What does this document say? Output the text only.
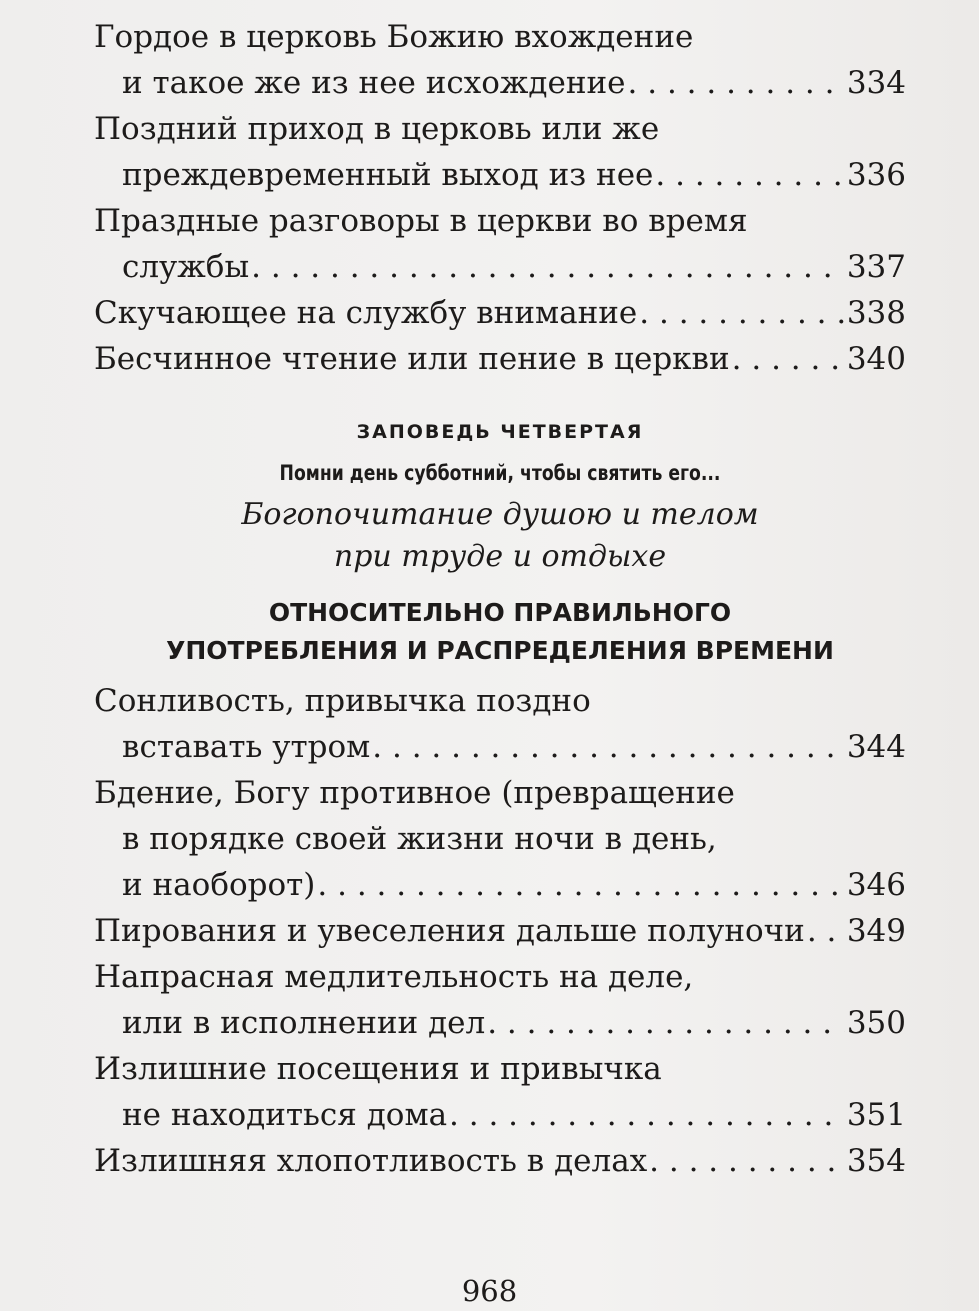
Гордое в церковь Божию вхождение
и такое же из нее исхождение . . .	334
Поздний приход в церковь или же
преждевременный выход из нее . . .	336
Праздные разговоры в церкви во время
службы . . .	337
Скучающее на службу внимание . . .	338
Бесчинное чтение или пение в церкви . . .	340
ЗАПОВЕДЬ ЧЕТВЕРТАЯ
Помни день субботний, чтобы святить его...
Богопочитание душою и телом
при труде и отдыхе
ОТНОСИТЕЛЬНО ПРАВИЛЬНОГО
УПОТРЕБЛЕНИЯ И РАСПРЕДЕЛЕНИЯ ВРЕМЕНИ
Сонливость, привычка поздно
вставать утром . . .	344
Бдение, Богу противное (превращение
в порядке своей жизни ночи в день,
и наоборот) . . .	346
Пирования и увеселения дальше полуночи . . . 349
Напрасная медлительность на деле,
или в исполнении дел . . .	350
Излишние посещения и привычка
не находиться дома . . .	351
Излишняя хлопотливость в делах . . .	354
968
